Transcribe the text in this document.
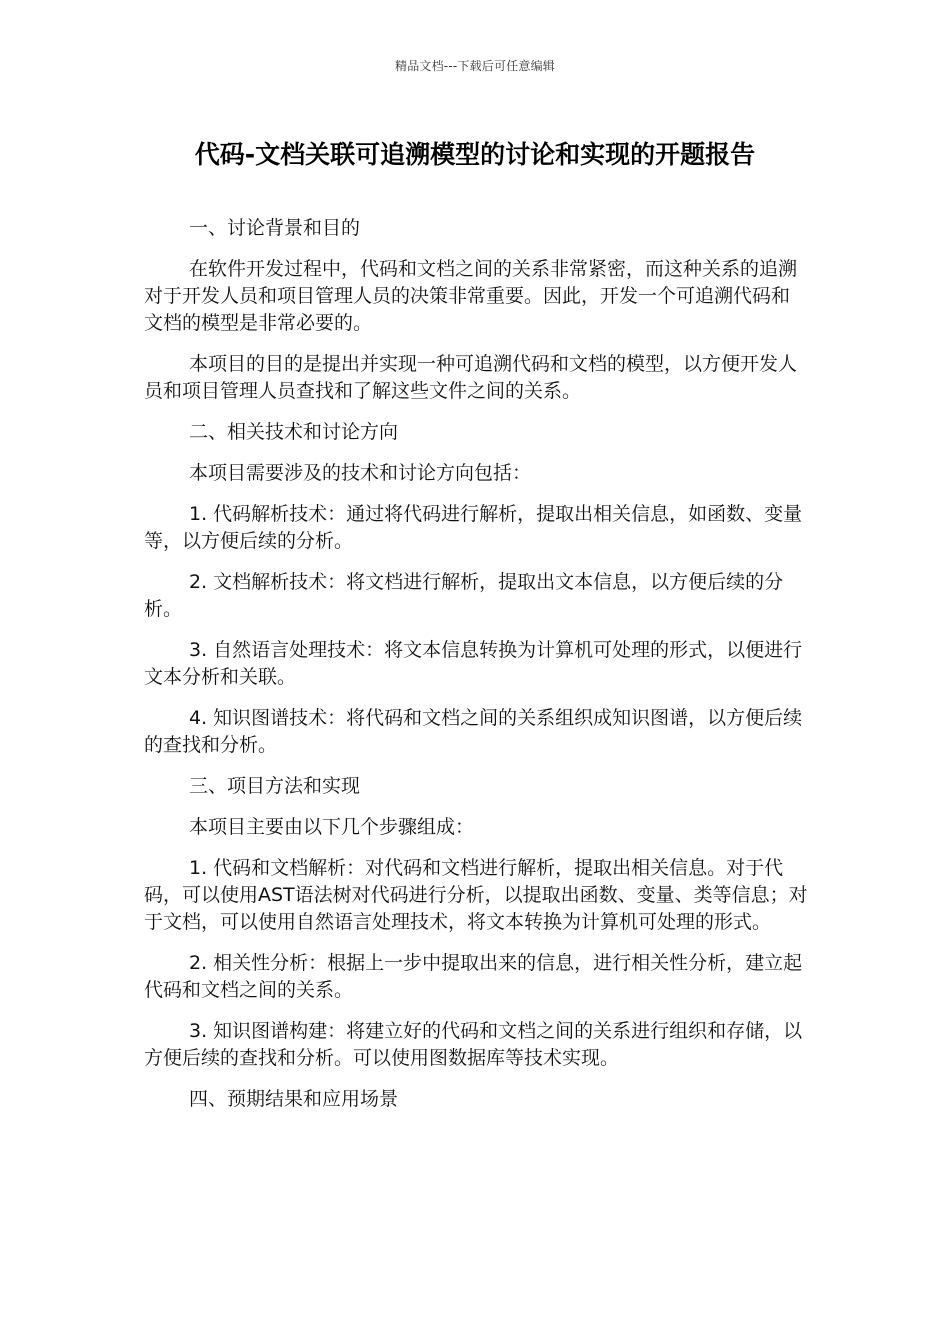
精品文档---下载后可任意编辑
代码-文档关联可追溯模型的讨论和实现的开题报告

一、讨论背景和目的

在软件开发过程中，代码和文档之间的关系非常紧密，而这种关系的追溯对于开发人员和项目管理人员的决策非常重要。因此，开发一个可追溯代码和文档的模型是非常必要的。

本项目的目的是提出并实现一种可追溯代码和文档的模型，以方便开发人员和项目管理人员查找和了解这些文件之间的关系。

二、相关技术和讨论方向

本项目需要涉及的技术和讨论方向包括：

1. 代码解析技术：通过将代码进行解析，提取出相关信息，如函数、变量等，以方便后续的分析。

2. 文档解析技术：将文档进行解析，提取出文本信息，以方便后续的分析。

3. 自然语言处理技术：将文本信息转换为计算机可处理的形式，以便进行文本分析和关联。

4. 知识图谱技术：将代码和文档之间的关系组织成知识图谱，以方便后续的查找和分析。

三、项目方法和实现

本项目主要由以下几个步骤组成：

1. 代码和文档解析：对代码和文档进行解析，提取出相关信息。对于代码，可以使用AST语法树对代码进行分析，以提取出函数、变量、类等信息；对于文档，可以使用自然语言处理技术，将文本转换为计算机可处理的形式。

2. 相关性分析：根据上一步中提取出来的信息，进行相关性分析，建立起代码和文档之间的关系。

3. 知识图谱构建：将建立好的代码和文档之间的关系进行组织和存储，以方便后续的查找和分析。可以使用图数据库等技术实现。

四、预期结果和应用场景
